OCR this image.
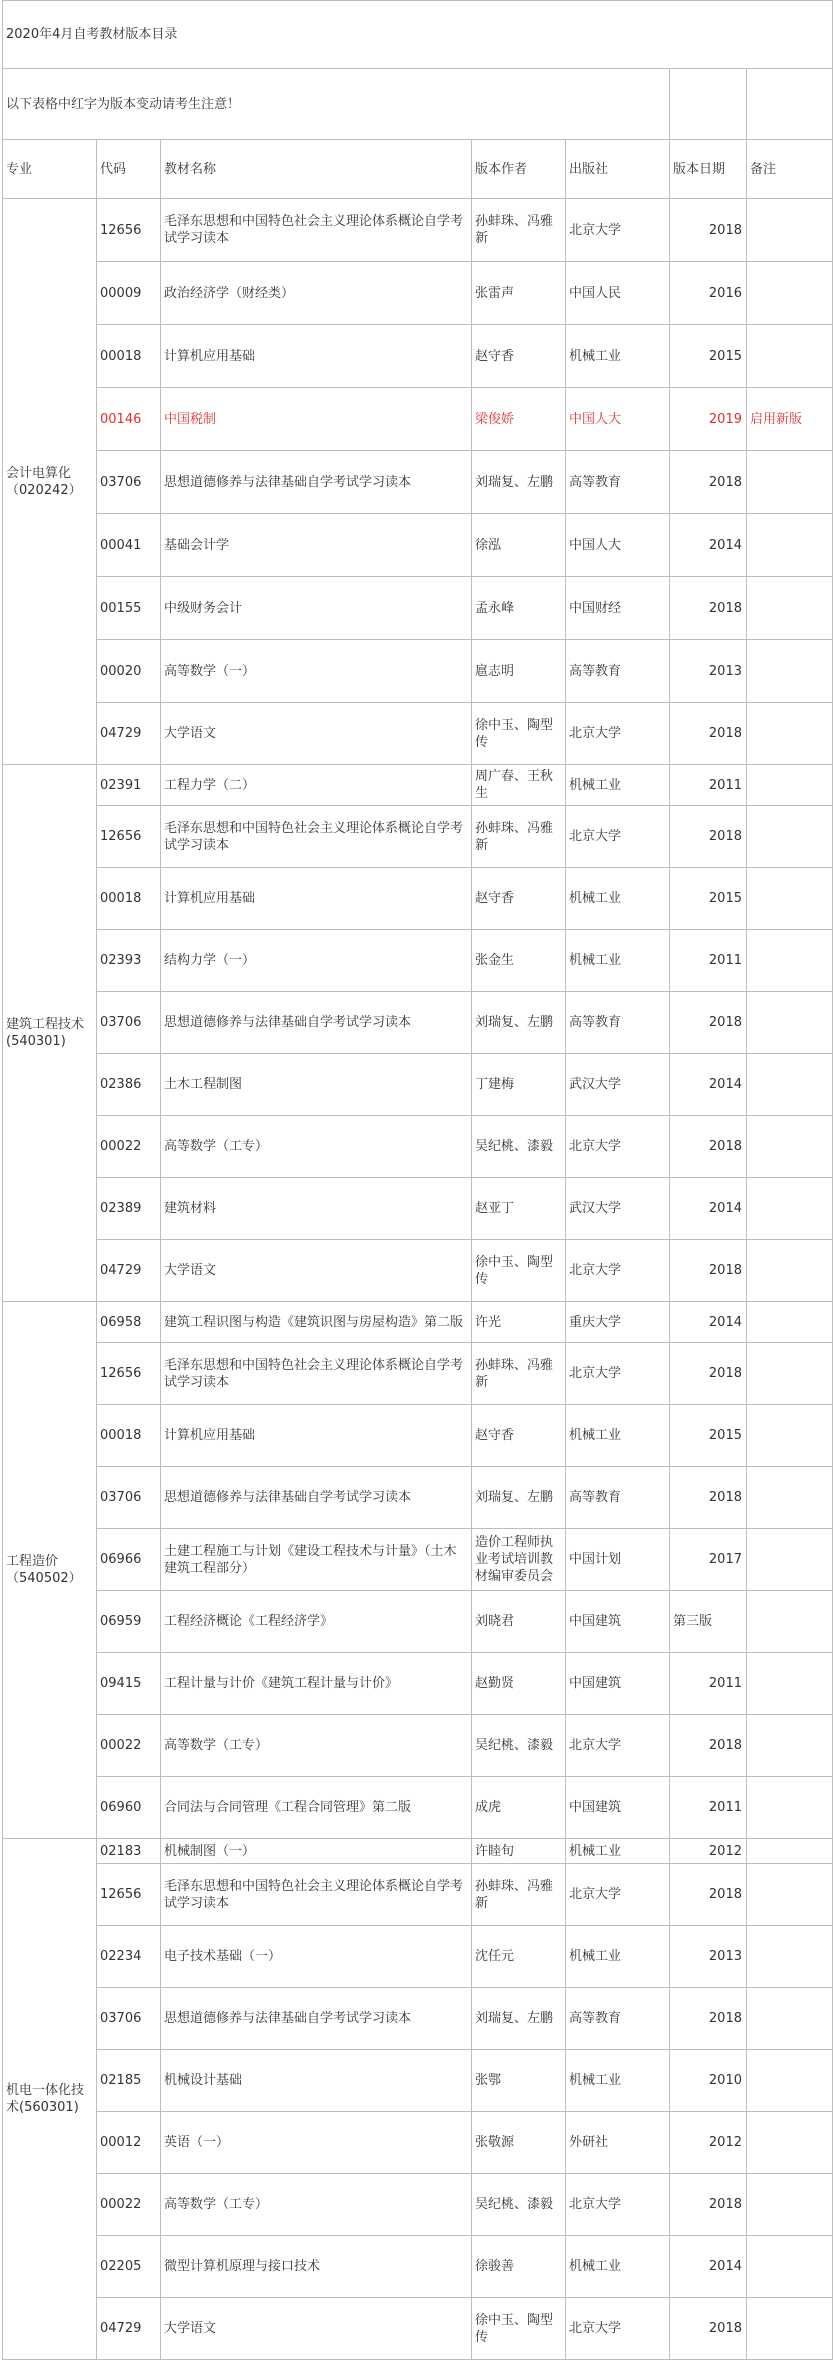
2020年4月自考教材版本目录						
以下表格中红字为版本变动请考生注意！						
专业	代码	教材名称	版本作者	出版社	版本日期	备注
会计电算化（020242）	12656	毛泽东思想和中国特色社会主义理论体系概论自学考试学习读本	孙蚌珠、冯雅新	北京大学	2018	
	00009	政治经济学（财经类）	张雷声	中国人民	2016	
	00018	计算机应用基础	赵守香	机械工业	2015	
	00146	中国税制	梁俊娇	中国人大	2019	启用新版
	03706	思想道德修养与法律基础自学考试学习读本	刘瑞复、左鹏	高等教育	2018	
	00041	基础会计学	徐泓	中国人大	2014	
	00155	中级财务会计	孟永峰	中国财经	2018	
	00020	高等数学（一）	扈志明	高等教育	2013	
	04729	大学语文	徐中玉、陶型传	北京大学	2018	
建筑工程技术(540301)	02391	工程力学（二）	周广春、王秋生	机械工业	2011	
	12656	毛泽东思想和中国特色社会主义理论体系概论自学考试学习读本	孙蚌珠、冯雅新	北京大学	2018	
	00018	计算机应用基础	赵守香	机械工业	2015	
	02393	结构力学（一）	张金生	机械工业	2011	
	03706	思想道德修养与法律基础自学考试学习读本	刘瑞复、左鹏	高等教育	2018	
	02386	土木工程制图	丁建梅	武汉大学	2014	
	00022	高等数学（工专）	吴纪桃、漆毅	北京大学	2018	
	02389	建筑材料	赵亚丁	武汉大学	2014	
	04729	大学语文	徐中玉、陶型传	北京大学	2018	
工程造价（540502）	06958	建筑工程识图与构造《建筑识图与房屋构造》第二版	许光	重庆大学	2014	
	12656	毛泽东思想和中国特色社会主义理论体系概论自学考试学习读本	孙蚌珠、冯雅新	北京大学	2018	
	00018	计算机应用基础	赵守香	机械工业	2015	
	03706	思想道德修养与法律基础自学考试学习读本	刘瑞复、左鹏	高等教育	2018	
	06966	土建工程施工与计划《建设工程技术与计量》（土木建筑工程部分）	造价工程师执业考试培训教材编审委员会	中国计划	2017	
	06959	工程经济概论《工程经济学》	刘晓君	中国建筑	第三版	
	09415	工程计量与计价《建筑工程计量与计价》	赵勤贤	中国建筑	2011	
	00022	高等数学（工专）	吴纪桃、漆毅	北京大学	2018	
	06960	合同法与合同管理《工程合同管理》第二版	成虎	中国建筑	2011	
机电一体化技术(560301)	02183	机械制图（一）	许睦旬	机械工业	2012	
	12656	毛泽东思想和中国特色社会主义理论体系概论自学考试学习读本	孙蚌珠、冯雅新	北京大学	2018	
	02234	电子技术基础（一）	沈任元	机械工业	2013	
	03706	思想道德修养与法律基础自学考试学习读本	刘瑞复、左鹏	高等教育	2018	
	02185	机械设计基础	张鄂	机械工业	2010	
	00012	英语（一）	张敬源	外研社	2012	
	00022	高等数学（工专）	吴纪桃、漆毅	北京大学	2018	
	02205	微型计算机原理与接口技术	徐骏善	机械工业	2014	
	04729	大学语文	徐中玉、陶型传	北京大学	2018	
